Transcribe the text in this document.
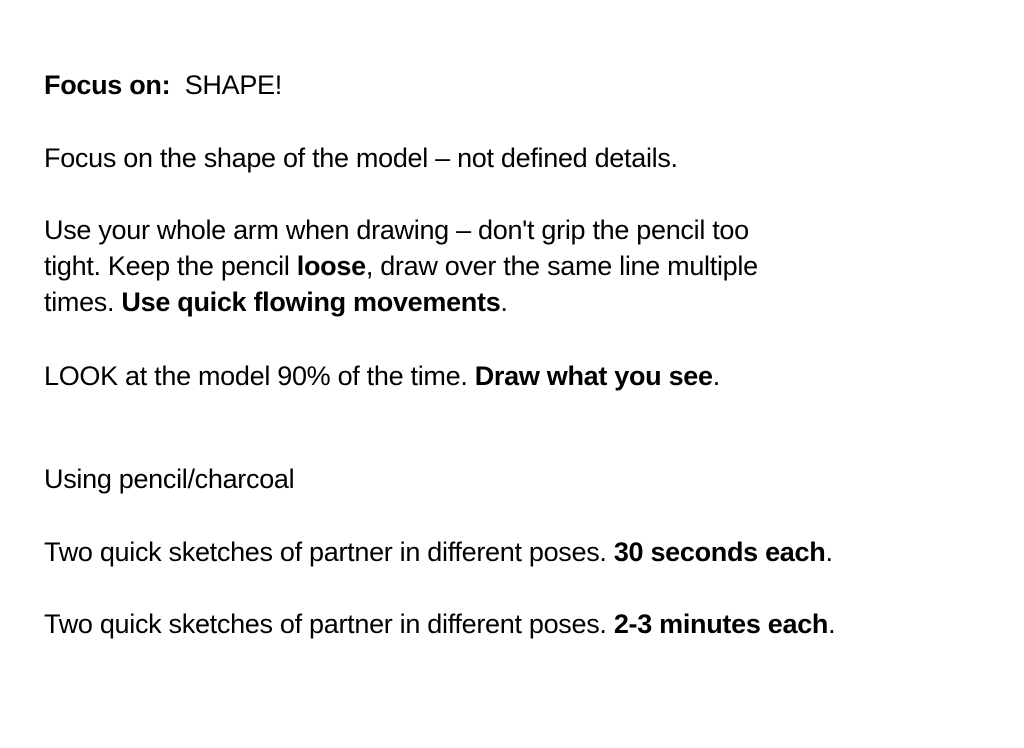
Focus on: SHAPE!
Focus on the shape of the model – not defined details.
Use your whole arm when drawing – don't grip the pencil too
tight. Keep the pencil loose, draw over the same line multiple
times. Use quick flowing movements.
LOOK at the model 90% of the time. Draw what you see.
Using pencil/charcoal
Two quick sketches of partner in different poses. 30 seconds each.
Two quick sketches of partner in different poses. 2-3 minutes each.
